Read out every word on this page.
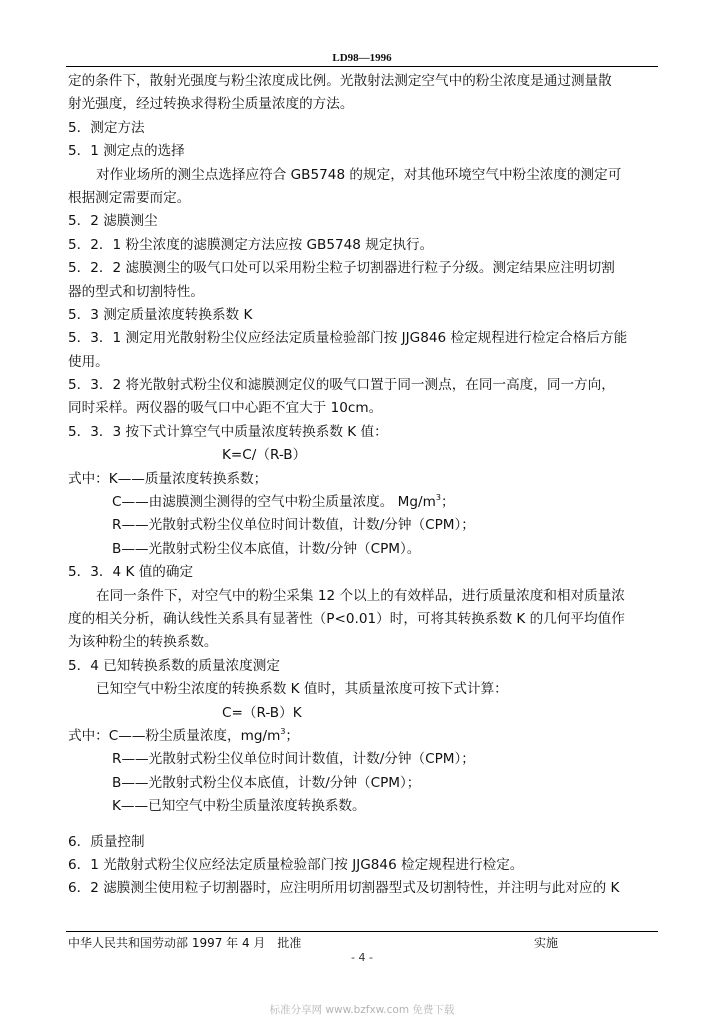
LD98—1996
定的条件下，散射光强度与粉尘浓度成比例。光散射法测定空气中的粉尘浓度是通过测量散
射光强度，经过转换求得粉尘质量浓度的方法。
5．测定方法
5．1 测定点的选择
对作业场所的测尘点选择应符合 GB5748 的规定，对其他环境空气中粉尘浓度的测定可
根据测定需要而定。
5．2 滤膜测尘
5．2．1 粉尘浓度的滤膜测定方法应按 GB5748 规定执行。
5．2．2 滤膜测尘的吸气口处可以采用粉尘粒子切割器进行粒子分级。测定结果应注明切割
器的型式和切割特性。
5．3 测定质量浓度转换系数 K
5．3．1 测定用光散射粉尘仪应经法定质量检验部门按 JJG846 检定规程进行检定合格后方能
使用。
5．3．2 将光散射式粉尘仪和滤膜测定仪的吸气口置于同一测点，在同一高度，同一方向，
同时采样。两仪器的吸气口中心距不宜大于 10cm。
5．3．3 按下式计算空气中质量浓度转换系数 K 值：
K=C/（R-B）
式中：K——质量浓度转换系数；
C——由滤膜测尘测得的空气中粉尘质量浓度。 $Mg/m^3$；
R——光散射式粉尘仪单位时间计数值，计数/分钟（CPM）；
B——光散射式粉尘仪本底值，计数/分钟（CPM）。
5．3．4 K 值的确定
在同一条件下，对空气中的粉尘采集 12 个以上的有效样品，进行质量浓度和相对质量浓
度的相关分析，确认线性关系具有显著性（P<0.01）时，可将其转换系数 K 的几何平均值作
为该种粉尘的转换系数。
5．4 已知转换系数的质量浓度测定
已知空气中粉尘浓度的转换系数 K 值时，其质量浓度可按下式计算：
C=（R-B）K
式中：C——粉尘质量浓度，$mg/m^3$；
R——光散射式粉尘仪单位时间计数值，计数/分钟（CPM）；
B——光散射式粉尘仪本底值，计数/分钟（CPM）；
K——已知空气中粉尘质量浓度转换系数。
6．质量控制
6．1 光散射式粉尘仪应经法定质量检验部门按 JJG846 检定规程进行检定。
6．2 滤膜测尘使用粒子切割器时，应注明所用切割器型式及切割特性，并注明与此对应的 K
中华人民共和国劳动部 1997 年 4 月　批准	实施
- 4 -
标准分享网 www.bzfxw.com 免费下载
